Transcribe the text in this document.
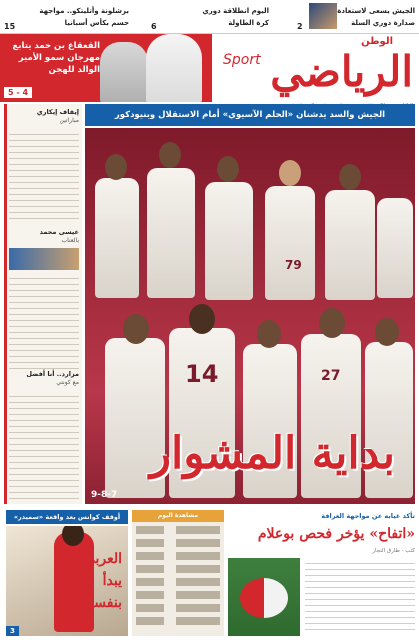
الجيش يسعى لاستعادة
صدارة دوري السلة
2
اليوم انطلاقة دوري
كرة الطاولة
6
برشلونة وأتليتكو.. مواجهة
حسم بكأس أسبانيا
15
الوطن
Sport الرياضي
القعقاع بن حمد يتابع مهرجان سمو الأمير الوالد للهجن
5 - 4
إيقاف إيكاري
مباراتين
عيسى محمد
بالعناب
مزارد.. أنا أفضل
مع كونتي
الجيش والسد يدشنان «الحلم الآسيوي» أمام الاستقلال وبنيودكور
79
14	27
بداية المشوار
9-8-7
أوقف كوانس بعد واقعة «سميدر»
العربي يبدأ بنفسه!
3
مشاهدة اليوم	تأكد غيابه عن مواجهة الغرافة
«اتفاح» يؤخر فحص بوعلام
كتب - طارق النجار
